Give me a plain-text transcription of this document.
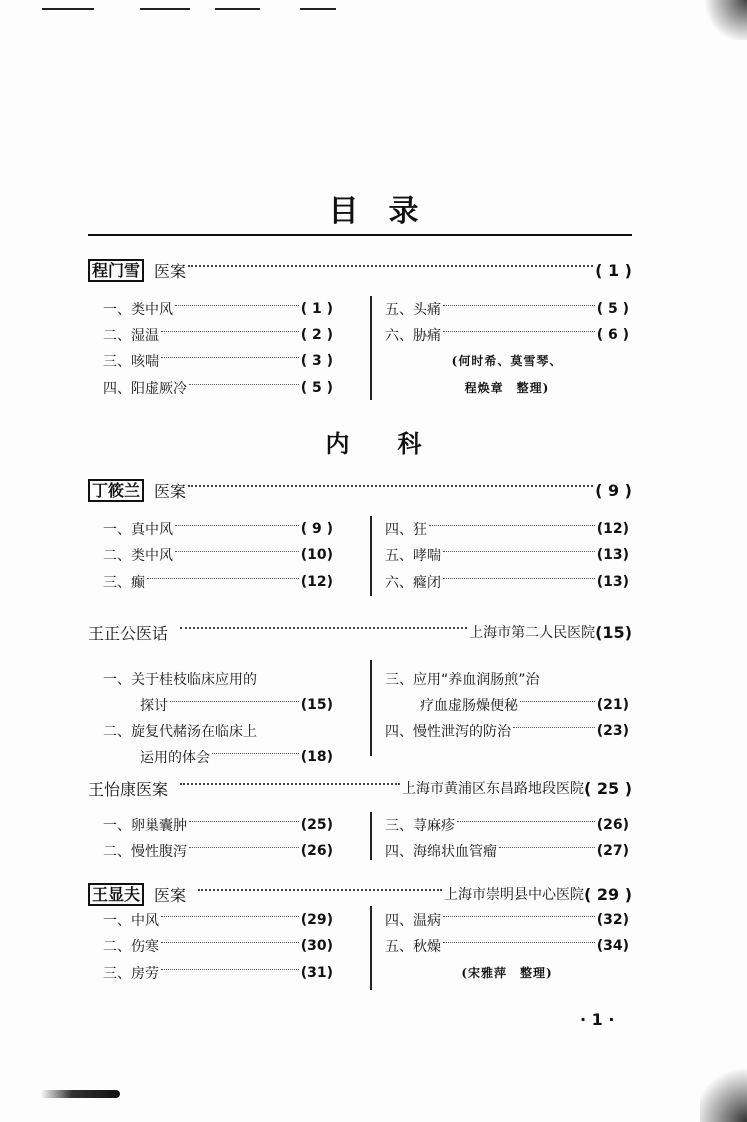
目　录
程门雪 医案	( 1 )
一、类中风	( 1 )
二、湿温	( 2 )
三、咳喘	( 3 )
四、阳虚厥冷	( 5 )
五、头痛	( 5 )
六、胁痛	( 6 )
(何时希、莫雪琴、
程焕章　整理)
内　　科
丁筱兰 医案	( 9 )
一、真中风	( 9 )
二、类中风	(10)
三、癫	(12)
四、狂	(12)
五、哮喘	(13)
六、癃闭	(13)
王正公医话	上海市第二人民医院 (15)
一、关于桂枝临床应用的
探讨	(15)
二、旋复代赭汤在临床上
运用的体会	(18)
三、应用“养血润肠煎”治
疗血虚肠燥便秘	(21)
四、慢性泄泻的防治	(23)
王怡康医案	上海市黄浦区东昌路地段医院 ( 25 )
一、卵巢囊肿	(25)
二、慢性腹泻	(26)
三、荨麻疹	(26)
四、海绵状血管瘤	(27)
王显夫 医案	上海市崇明县中心医院 ( 29 )
一、中风	(29)
二、伤寒	(30)
三、房劳	(31)
四、温病	(32)
五、秋燥	(34)
(宋雅萍　整理)
· 1 ·
